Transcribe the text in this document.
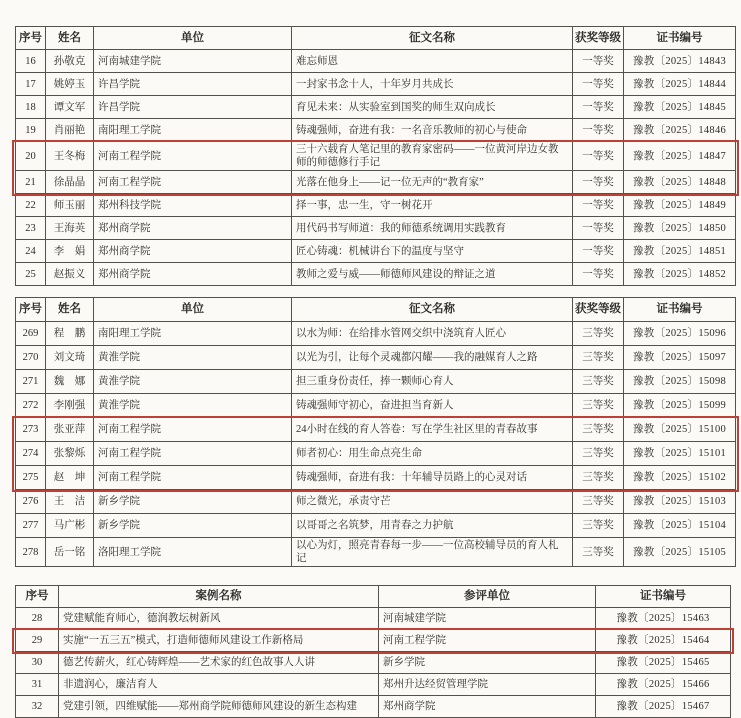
序号	姓名	单位	征文名称	获奖等级	证书编号
16	孙敬克	河南城建学院	难忘师恩	一等奖	豫教〔2025〕14843
17	姚婷玉	许昌学院	一封家书念十人，十年岁月共成长	一等奖	豫教〔2025〕14844
18	谭文军	许昌学院	育见未来：从实验室到国奖的师生双向成长	一等奖	豫教〔2025〕14845
19	肖丽艳	南阳理工学院	铸魂强师，奋进有我：一名音乐教师的初心与使命	一等奖	豫教〔2025〕14846
20	王冬梅	河南工程学院	三十六载育人笔记里的教育家密码——一位黄河岸边女教师的师德修行手记	一等奖	豫教〔2025〕14847
21	徐晶晶	河南工程学院	光落在他身上——记一位无声的“教育家”	一等奖	豫教〔2025〕14848
22	师玉丽	郑州科技学院	择一事，忠一生，守一树花开	一等奖	豫教〔2025〕14849
23	王海英	郑州商学院	用代码书写师道：我的师德系统调用实践教育	一等奖	豫教〔2025〕14850
24	李　娟	郑州商学院	匠心铸魂：机械讲台下的温度与坚守	一等奖	豫教〔2025〕14851
25	赵振义	郑州商学院	教师之爱与威——师德师风建设的辩证之道	一等奖	豫教〔2025〕14852
序号	姓名	单位	征文名称	获奖等级	证书编号
269	程　鹏	南阳理工学院	以水为师：在给排水管网交织中浇筑育人匠心	三等奖	豫教〔2025〕15096
270	刘文琦	黄淮学院	以光为引，让每个灵魂都闪耀——我的融媒育人之路	三等奖	豫教〔2025〕15097
271	魏　娜	黄淮学院	担三重身份责任，捧一颗师心育人	三等奖	豫教〔2025〕15098
272	李刚强	黄淮学院	铸魂强师守初心，奋进担当育新人	三等奖	豫教〔2025〕15099
273	张亚萍	河南工程学院	24小时在线的育人答卷：写在学生社区里的青春故事	三等奖	豫教〔2025〕15100
274	张黎烁	河南工程学院	师者初心：用生命点亮生命	三等奖	豫教〔2025〕15101
275	赵　坤	河南工程学院	铸魂强师，奋进有我：十年辅导员路上的心灵对话	三等奖	豫教〔2025〕15102
276	王　洁	新乡学院	师之微光，承责守芒	三等奖	豫教〔2025〕15103
277	马广彬	新乡学院	以哥哥之名筑梦，用青春之力护航	三等奖	豫教〔2025〕15104
278	岳一铭	洛阳理工学院	以心为灯，照亮青春每一步——一位高校辅导员的育人札记	三等奖	豫教〔2025〕15105
序号	案例名称	参评单位	证书编号
28	党建赋能育师心，德润教坛树新风	河南城建学院	豫教〔2025〕15463
29	实施“一五三五”模式，打造师德师风建设工作新格局	河南工程学院	豫教〔2025〕15464
30	德艺传薪火，红心铸辉煌——艺术家的红色故事人人讲	新乡学院	豫教〔2025〕15465
31	非遗润心，廉洁育人	郑州升达经贸管理学院	豫教〔2025〕15466
32	党建引领，四维赋能——郑州商学院师德师风建设的新生态构建	郑州商学院	豫教〔2025〕15467
